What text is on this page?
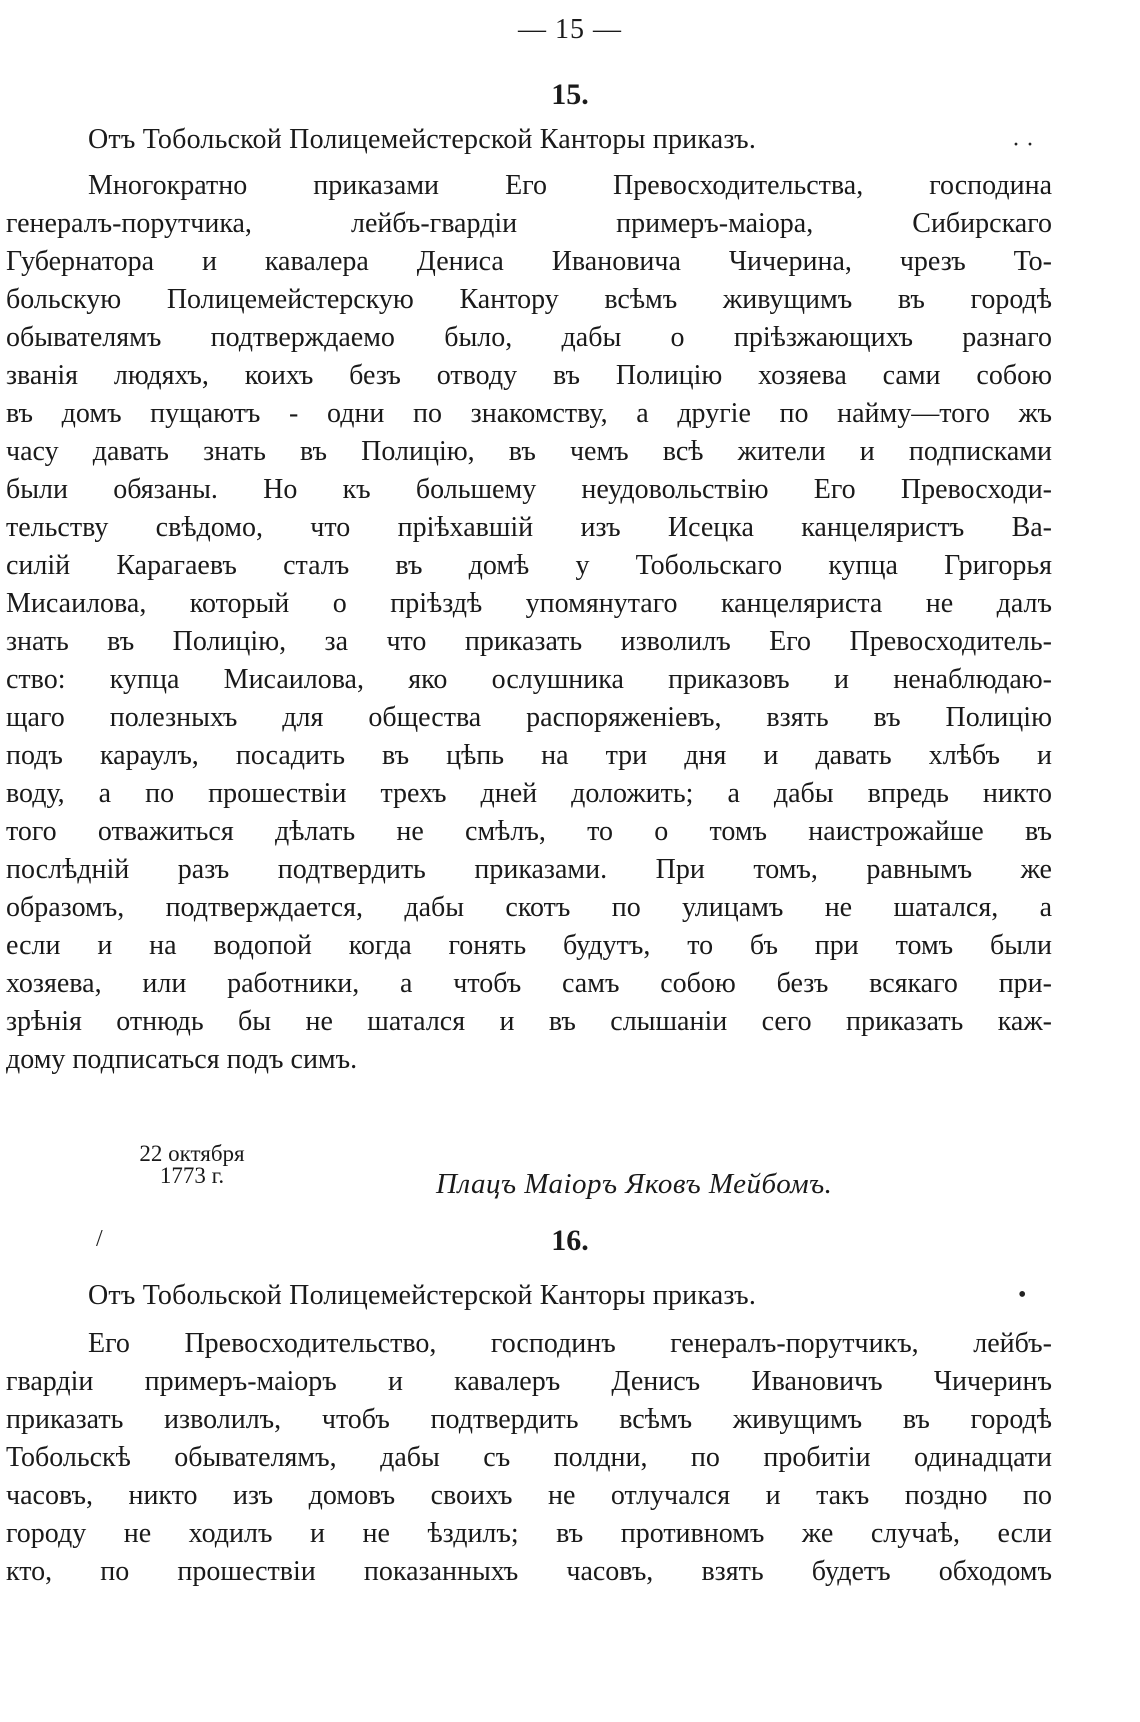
— 15 —
· ·
15.
Отъ Тобольской Полицемейстерской Канторы приказъ.
Многократно приказами Его Превосходительства, господина
генералъ-порутчика, лейбъ-гвардіи примеръ-маіора, Сибирскаго
Губернатора и кавалера Дениса Ивановича Чичерина, чрезъ То-
больскую Полицемейстерскую Кантору всѣмъ живущимъ въ городѣ
обывателямъ подтверждаемо было, дабы о пріѣзжающихъ разнаго
званія людяхъ, коихъ безъ отводу въ Полицію хозяева сами собою
въ домъ пущаютъ - одни по знакомству, а другіе по найму—того жъ
часу давать знать въ Полицію, въ чемъ всѣ жители и подписками
были обязаны. Но къ большему неудовольствію Его Превосходи-
тельству свѣдомо, что пріѣхавшій изъ Исецка канцеляристъ Ва-
силій Карагаевъ сталъ въ домѣ у Тобольскаго купца Григорья
Мисаилова, который о пріѣздѣ упомянутаго канцеляриста не далъ
знать въ Полицію, за что приказать изволилъ Его Превосходитель-
ство: купца Мисаилова, яко ослушника приказовъ и ненаблюдаю-
щаго полезныхъ для общества распоряженіевъ, взять въ Полицію
подъ караулъ, посадить въ цѣпь на три дня и давать хлѣбъ и
воду, а по прошествіи трехъ дней доложить; а дабы впредь никто
того отважиться дѣлать не смѣлъ, то о томъ наистрожайше въ
послѣдній разъ подтвердить приказами. При томъ, равнымъ же
образомъ, подтверждается, дабы скотъ по улицамъ не шатался, а
если и на водопой когда гонять будутъ, то бъ при томъ были
хозяева, или работники, а чтобъ самъ собою безъ всякаго при-
зрѣнія отнюдь бы не шатался и въ слышаніи сего приказать каж-
дому подписаться подъ симъ.
22 октября
1773 г.	Плацъ Маіоръ Яковъ Мейбомъ.
/	16.
Отъ Тобольской Полицемейстерской Канторы приказъ.	•
Его Превосходительство, господинъ генералъ-порутчикъ, лейбъ-
гвардіи примеръ-маіоръ и кавалеръ Денисъ Ивановичъ Чичеринъ
приказать изволилъ, чтобъ подтвердить всѣмъ живущимъ въ городѣ
Тобольскѣ обывателямъ, дабы съ полдни, по пробитіи одинадцати
часовъ, никто изъ домовъ своихъ не отлучался и такъ поздно по
городу не ходилъ и не ѣздилъ; въ противномъ же случаѣ, если
кто, по прошествіи показанныхъ часовъ, взять будетъ обходомъ
